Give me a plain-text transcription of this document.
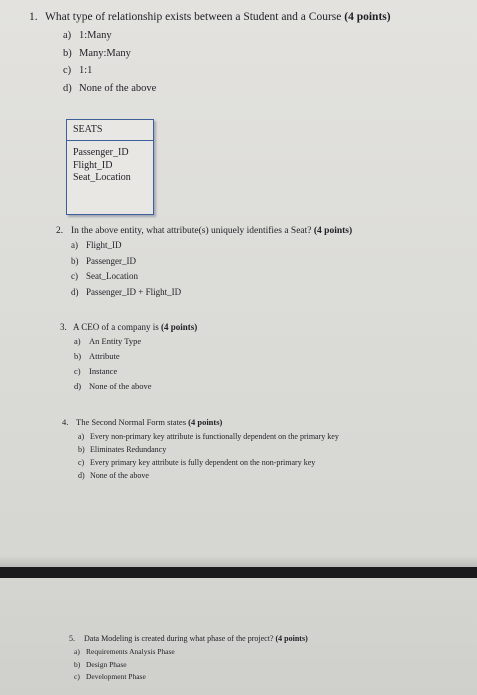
1. What type of relationship exists between a Student and a Course (4 points)
a) 1:Many
b) Many:Many
c) 1:1
d) None of the above
SEATS
Passenger_ID
Flight_ID
Seat_Location
2. In the above entity, what attribute(s) uniquely identifies a Seat? (4 points)
a) Flight_ID
b) Passenger_ID
c) Seat_Location
d) Passenger_ID + Flight_ID
3. A CEO of a company is (4 points)
a) An Entity Type
b) Attribute
c) Instance
d) None of the above
4. The Second Normal Form states (4 points)
a) Every non-primary key attribute is functionally dependent on the primary key
b) Eliminates Redundancy
c) Every primary key attribute is fully dependent on the non-primary key
d) None of the above
5. Data Modeling is created during what phase of the project? (4 points)
a) Requirements Analysis Phase
b) Design Phase
c) Development Phase
